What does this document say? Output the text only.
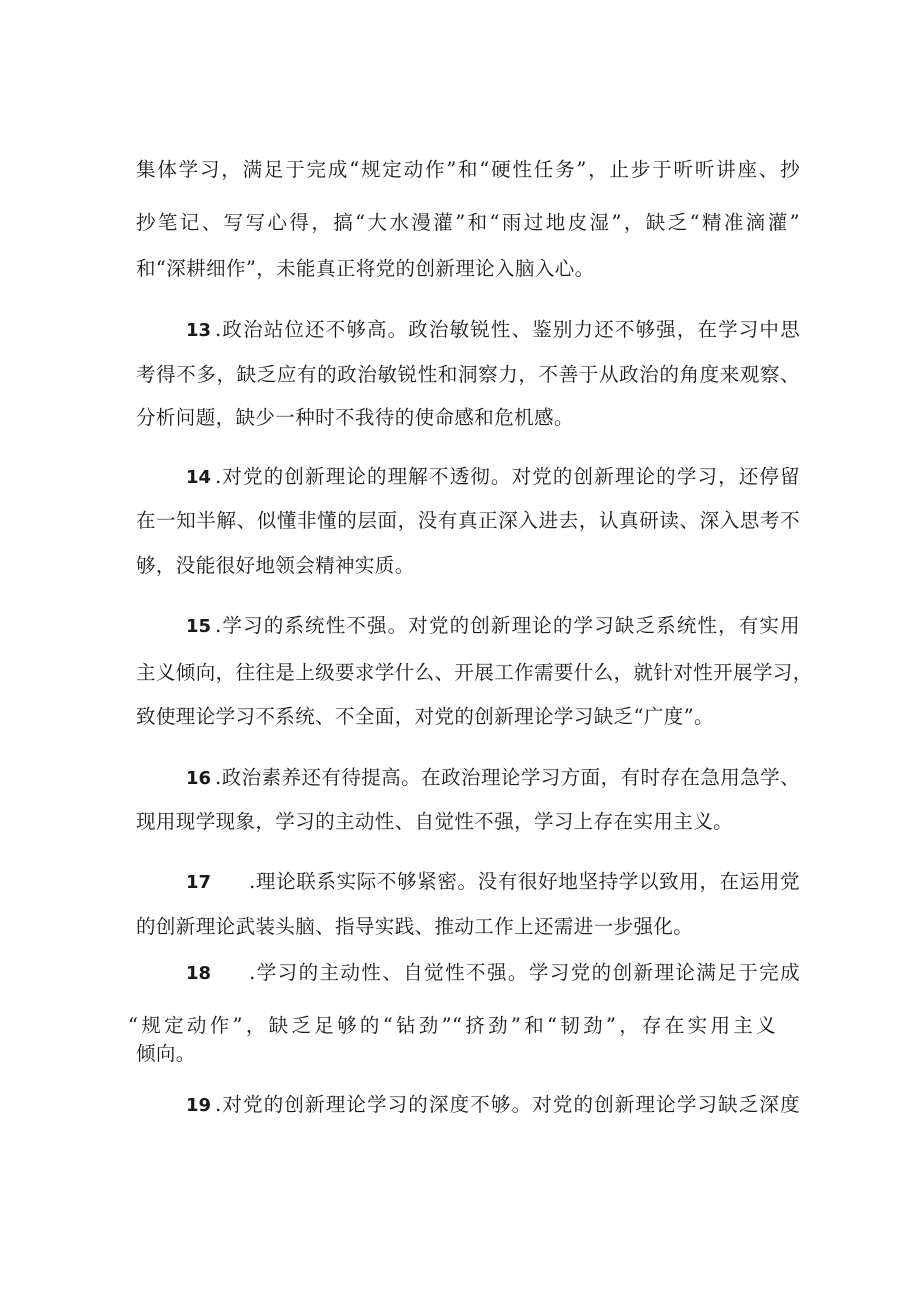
集体学习，满足于完成“规定动作”和“硬性任务”，止步于听听讲座、抄
抄笔记、写写心得，搞“大水漫灌”和“雨过地皮湿”，缺乏“精准滴灌”
和“深耕细作”，未能真正将党的创新理论入脑入心。
13 .政治站位还不够高。政治敏锐性、鉴别力还不够强，在学习中思
考得不多，缺乏应有的政治敏锐性和洞察力，不善于从政治的角度来观察、
分析问题，缺少一种时不我待的使命感和危机感。
14 .对党的创新理论的理解不透彻。对党的创新理论的学习，还停留
在一知半解、似懂非懂的层面，没有真正深入进去，认真研读、深入思考不
够，没能很好地领会精神实质。
15 .学习的系统性不强。对党的创新理论的学习缺乏系统性，有实用
主义倾向，往往是上级要求学什么、开展工作需要什么，就针对性开展学习，
致使理论学习不系统、不全面，对党的创新理论学习缺乏“广度”。
16 .政治素养还有待提高。在政治理论学习方面，有时存在急用急学、
现用现学现象，学习的主动性、自觉性不强，学习上存在实用主义。
17 .理论联系实际不够紧密。没有很好地坚持学以致用，在运用党
的创新理论武装头脑、指导实践、推动工作上还需进一步强化。
18 .学习的主动性、自觉性不强。学习党的创新理论满足于完成
“规定动作”，缺乏足够的“钻劲”“挤劲”和“韧劲”，存在实用主义
倾向。
19 .对党的创新理论学习的深度不够。对党的创新理论学习缺乏深度
